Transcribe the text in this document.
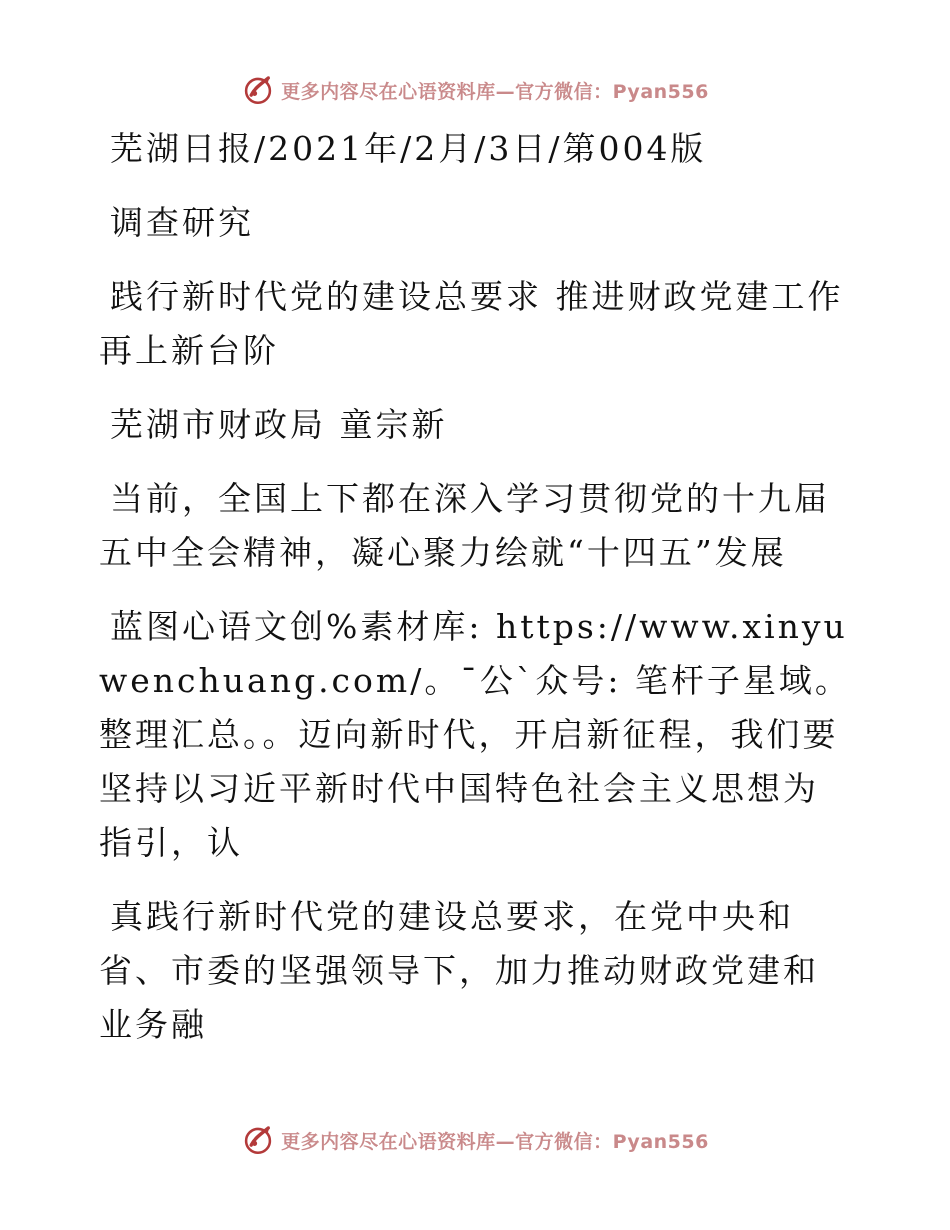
更多内容尽在心语资料库—官方微信：Pyan556

芜湖日报/2021年/2月/3日/第004版

调查研究

践行新时代党的建设总要求 推进财政党建工作再上新台阶

芜湖市财政局 童宗新

当前，全国上下都在深入学习贯彻党的十九届五中全会精神，凝心聚力绘就“十四五”发展

蓝图心语文创%素材库: https://www.xinyuwenchuang.com/。¯公`众号: 笔杆子星域。整理汇总。。迈向新时代，开启新征程，我们要坚持以习近平新时代中国特色社会主义思想为指引，认

真践行新时代党的建设总要求，在党中央和省、市委的坚强领导下，加力推动财政党建和业务融

更多内容尽在心语资料库—官方微信：Pyan556
